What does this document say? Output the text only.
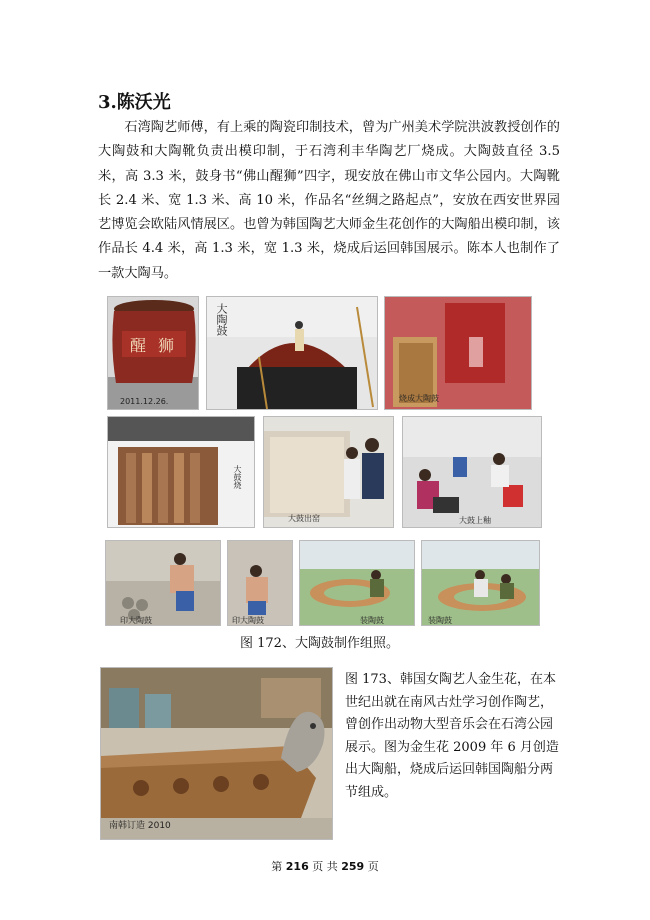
3.陈沃光

石湾陶艺师傅，有上乘的陶瓷印制技术，曾为广州美术学院洪波教授创作的大陶鼓和大陶靴负责出模印制，于石湾利丰华陶艺厂烧成。大陶鼓直径 3.5 米，高 3.3 米，鼓身书“佛山醒狮”四字，现安放在佛山市文华公园内。大陶靴长 2.4 米、宽 1.3 米、高 10 米，作品名“丝绸之路起点”，安放在西安世界园艺博览会欧陆风情展区。也曾为韩国陶艺大师金生花创作的大陶船出模印制，该作品长 4.4 米，高 1.3 米，宽 1.3 米，烧成后运回韩国展示。陈本人也制作了一款大陶马。

醒 狮
2011.12.26.
大陶鼓
烧成大陶鼓
大鼓烧
大鼓出窑	大鼓上釉
印大陶鼓	印大陶鼓	装陶鼓	装陶鼓
图 172、大陶鼓制作组照。
南韩订造 2010

图 173、韩国女陶艺人金生花，在本世纪出就在南风古灶学习创作陶艺，曾创作出动物大型音乐会在石湾公园展示。图为金生花 2009 年 6 月创造出大陶船，烧成后运回韩国陶船分两节组成。

第 216 页 共 259 页
